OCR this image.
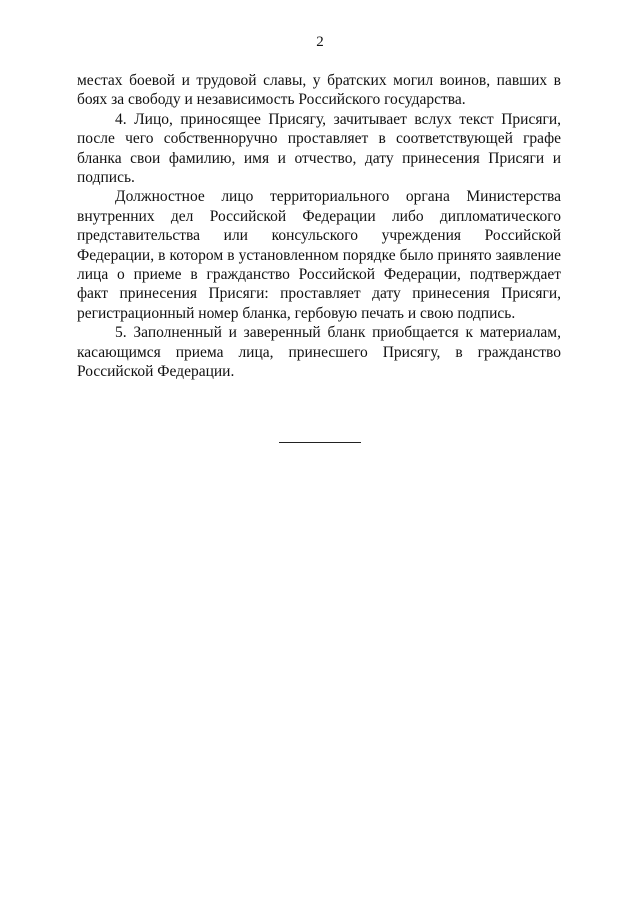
2

местах боевой и трудовой славы, у братских могил воинов, павших в боях за свободу и независимость Российского государства.

4. Лицо, приносящее Присягу, зачитывает вслух текст Присяги, после чего собственноручно проставляет в соответствующей графе бланка свои фамилию, имя и отчество, дату принесения Присяги и подпись.

Должностное лицо территориального органа Министерства внутренних дел Российской Федерации либо дипломатического представительства или консульского учреждения Российской Федерации, в котором в установленном порядке было принято заявление лица о приеме в гражданство Российской Федерации, подтверждает факт принесения Присяги: проставляет дату принесения Присяги, регистрационный номер бланка, гербовую печать и свою подпись.

5. Заполненный и заверенный бланк приобщается к материалам, касающимся приема лица, принесшего Присягу, в гражданство Российской Федерации.
